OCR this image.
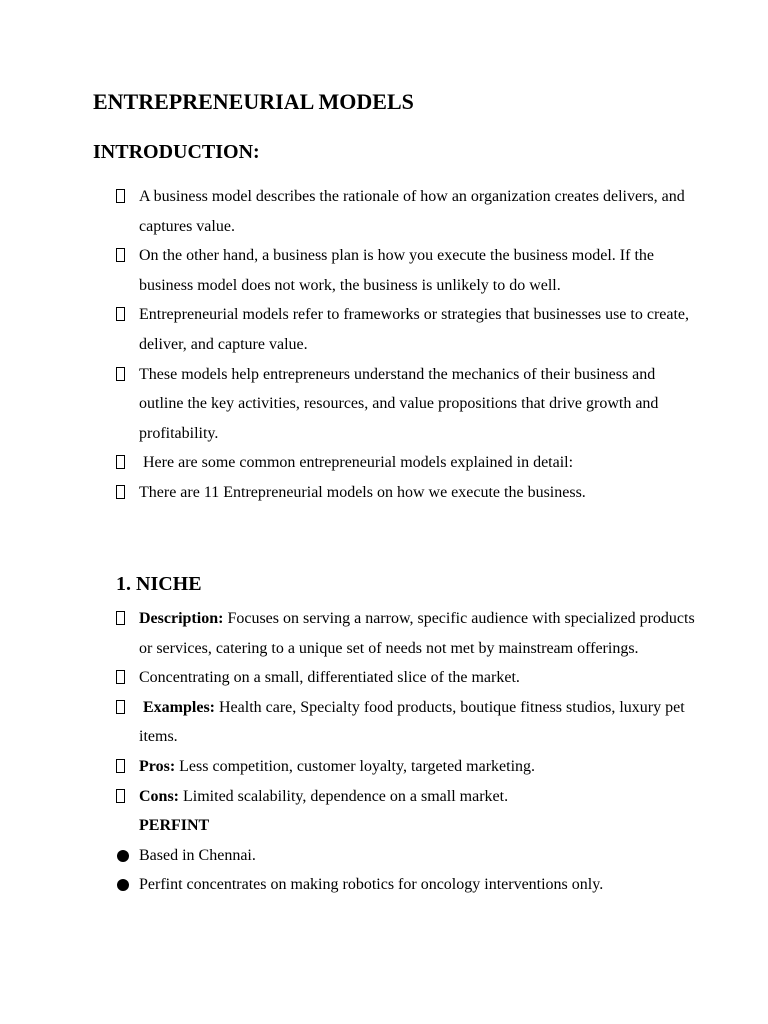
ENTREPRENEURIAL MODELS
INTRODUCTION:
A business model describes the rationale of how an organization creates delivers, and captures value.
On the other hand, a business plan is how you execute the business model. If the business model does not work, the business is unlikely to do well.
Entrepreneurial models refer to frameworks or strategies that businesses use to create, deliver, and capture value.
These models help entrepreneurs understand the mechanics of their business and outline the key activities, resources, and value propositions that drive growth and profitability.
Here are some common entrepreneurial models explained in detail:
There are 11 Entrepreneurial models on how we execute the business.
1. NICHE
Description: Focuses on serving a narrow, specific audience with specialized products or services, catering to a unique set of needs not met by mainstream offerings.
Concentrating on a small, differentiated slice of the market.
Examples: Health care, Specialty food products, boutique fitness studios, luxury pet items.
Pros: Less competition, customer loyalty, targeted marketing.
Cons: Limited scalability, dependence on a small market.
PERFINT
Based in Chennai.
Perfint concentrates on making robotics for oncology interventions only.
